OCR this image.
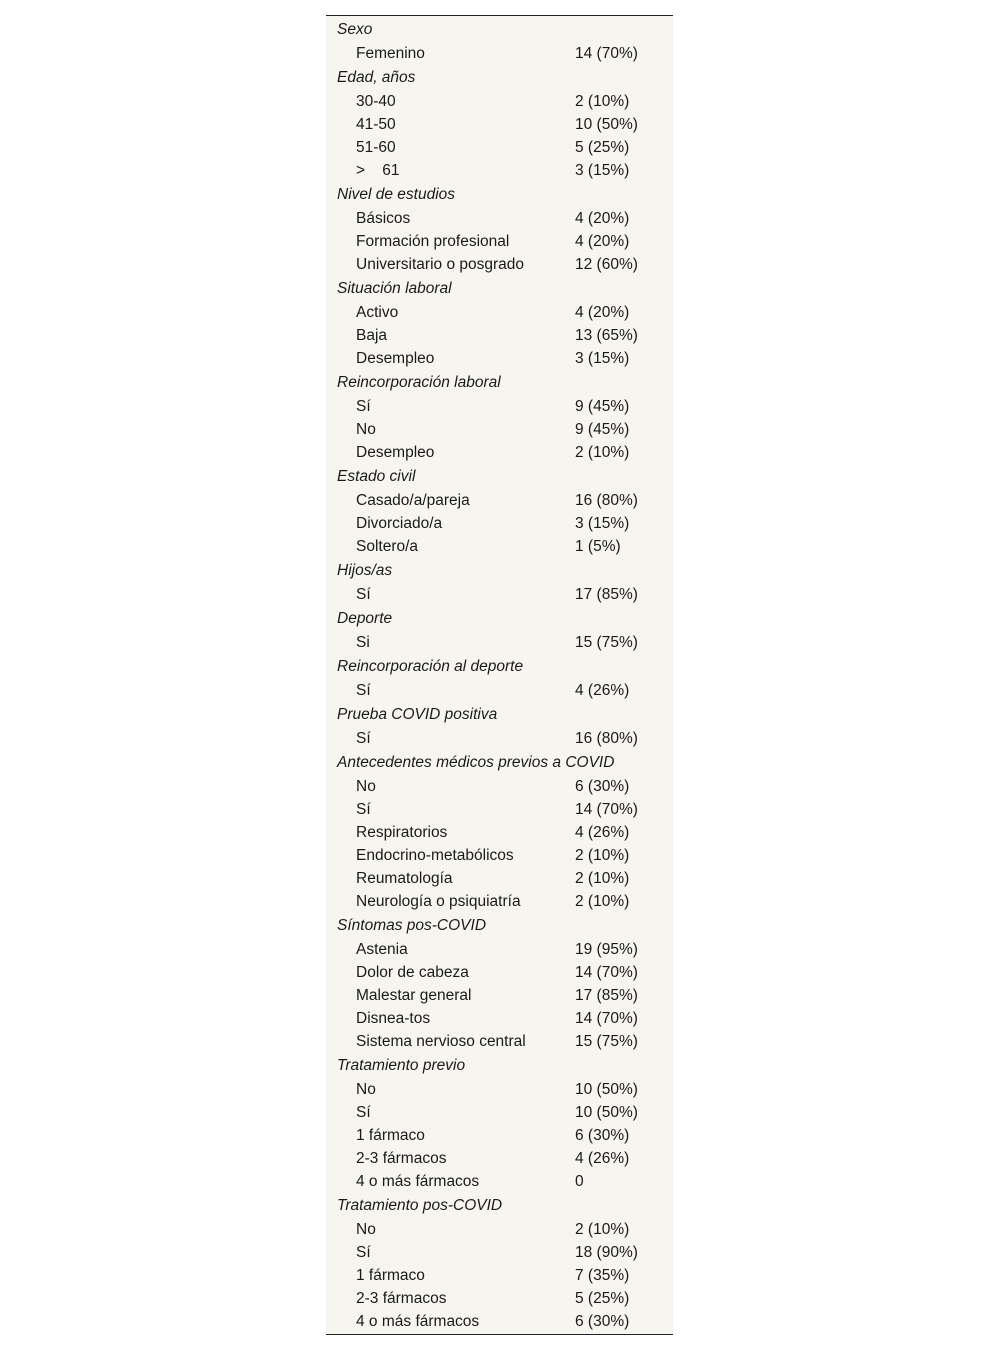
Sexo
Femenino	14 (70%)
Edad, años
30-40	2 (10%)
41-50	10 (50%)
51-60	5 (25%)
>    61	3 (15%)
Nivel de estudios
Básicos	4 (20%)
Formación profesional	4 (20%)
Universitario o posgrado	12 (60%)
Situación laboral
Activo	4 (20%)
Baja	13 (65%)
Desempleo	3 (15%)
Reincorporación laboral
Sí	9 (45%)
No	9 (45%)
Desempleo	2 (10%)
Estado civil
Casado/a/pareja	16 (80%)
Divorciado/a	3 (15%)
Soltero/a	1 (5%)
Hijos/as
Sí	17 (85%)
Deporte
Si	15 (75%)
Reincorporación al deporte
Sí	4 (26%)
Prueba COVID positiva
Sí	16 (80%)
Antecedentes médicos previos a COVID
No	6 (30%)
Sí	14 (70%)
Respiratorios	4 (26%)
Endocrino-metabólicos	2 (10%)
Reumatología	2 (10%)
Neurología o psiquiatría	2 (10%)
Síntomas pos-COVID
Astenia	19 (95%)
Dolor de cabeza	14 (70%)
Malestar general	17 (85%)
Disnea-tos	14 (70%)
Sistema nervioso central	15 (75%)
Tratamiento previo
No	10 (50%)
Sí	10 (50%)
1 fármaco	6 (30%)
2-3 fármacos	4 (26%)
4 o más fármacos	0
Tratamiento pos-COVID
No	2 (10%)
Sí	18 (90%)
1 fármaco	7 (35%)
2-3 fármacos	5 (25%)
4 o más fármacos	6 (30%)
